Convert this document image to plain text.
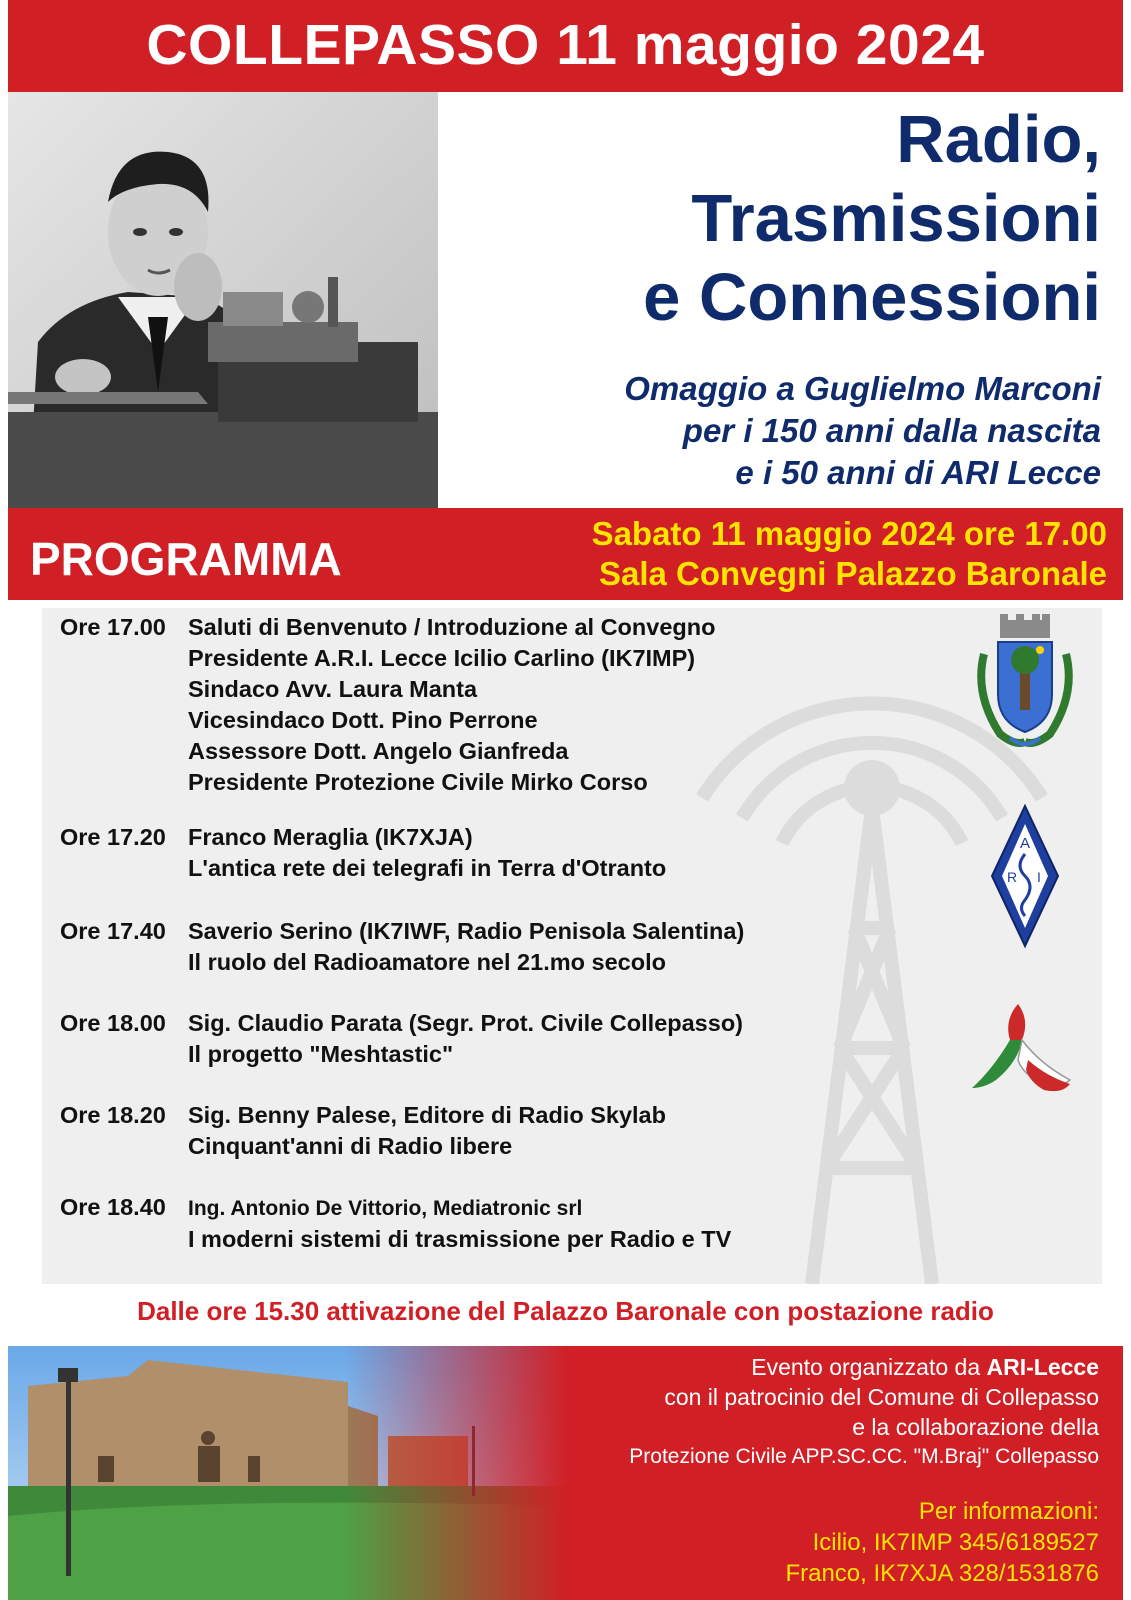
COLLEPASSO 11 maggio 2024
Radio,
Trasmissioni
e Connessioni
Omaggio a Guglielmo Marconi
per i 150 anni dalla nascita
e i 50 anni di ARI Lecce
PROGRAMMA	Sabato 11 maggio 2024 ore 17.00
Sala Convegni Palazzo Baronale
Ore 17.00 Saluti di Benvenuto / Introduzione al Convegno
Presidente A.R.I. Lecce Icilio Carlino (IK7IMP)
Sindaco Avv. Laura Manta
Vicesindaco Dott. Pino Perrone
Assessore Dott. Angelo Gianfreda
Presidente Protezione Civile Mirko Corso
Ore 17.20 Franco Meraglia (IK7XJA)
L'antica rete dei telegrafi in Terra d'Otranto
Ore 17.40 Saverio Serino (IK7IWF, Radio Penisola Salentina)
Il ruolo del Radioamatore nel 21.mo secolo
Ore 18.00 Sig. Claudio Parata (Segr. Prot. Civile Collepasso)
Il progetto "Meshtastic"
Ore 18.20 Sig. Benny Palese, Editore di Radio Skylab
Cinquant'anni di Radio libere
Ore 18.40 Ing. Antonio De Vittorio, Mediatronic srl
I moderni sistemi di trasmissione per Radio e TV
A
R I
Dalle ore 15.30 attivazione del Palazzo Baronale con postazione radio
Evento organizzato da ARI-Lecce
con il patrocinio del Comune di Collepasso
e la collaborazione della
Protezione Civile APP.SC.CC. "M.Braj" Collepasso
Per informazioni:
Icilio, IK7IMP 345/6189527
Franco, IK7XJA 328/1531876
